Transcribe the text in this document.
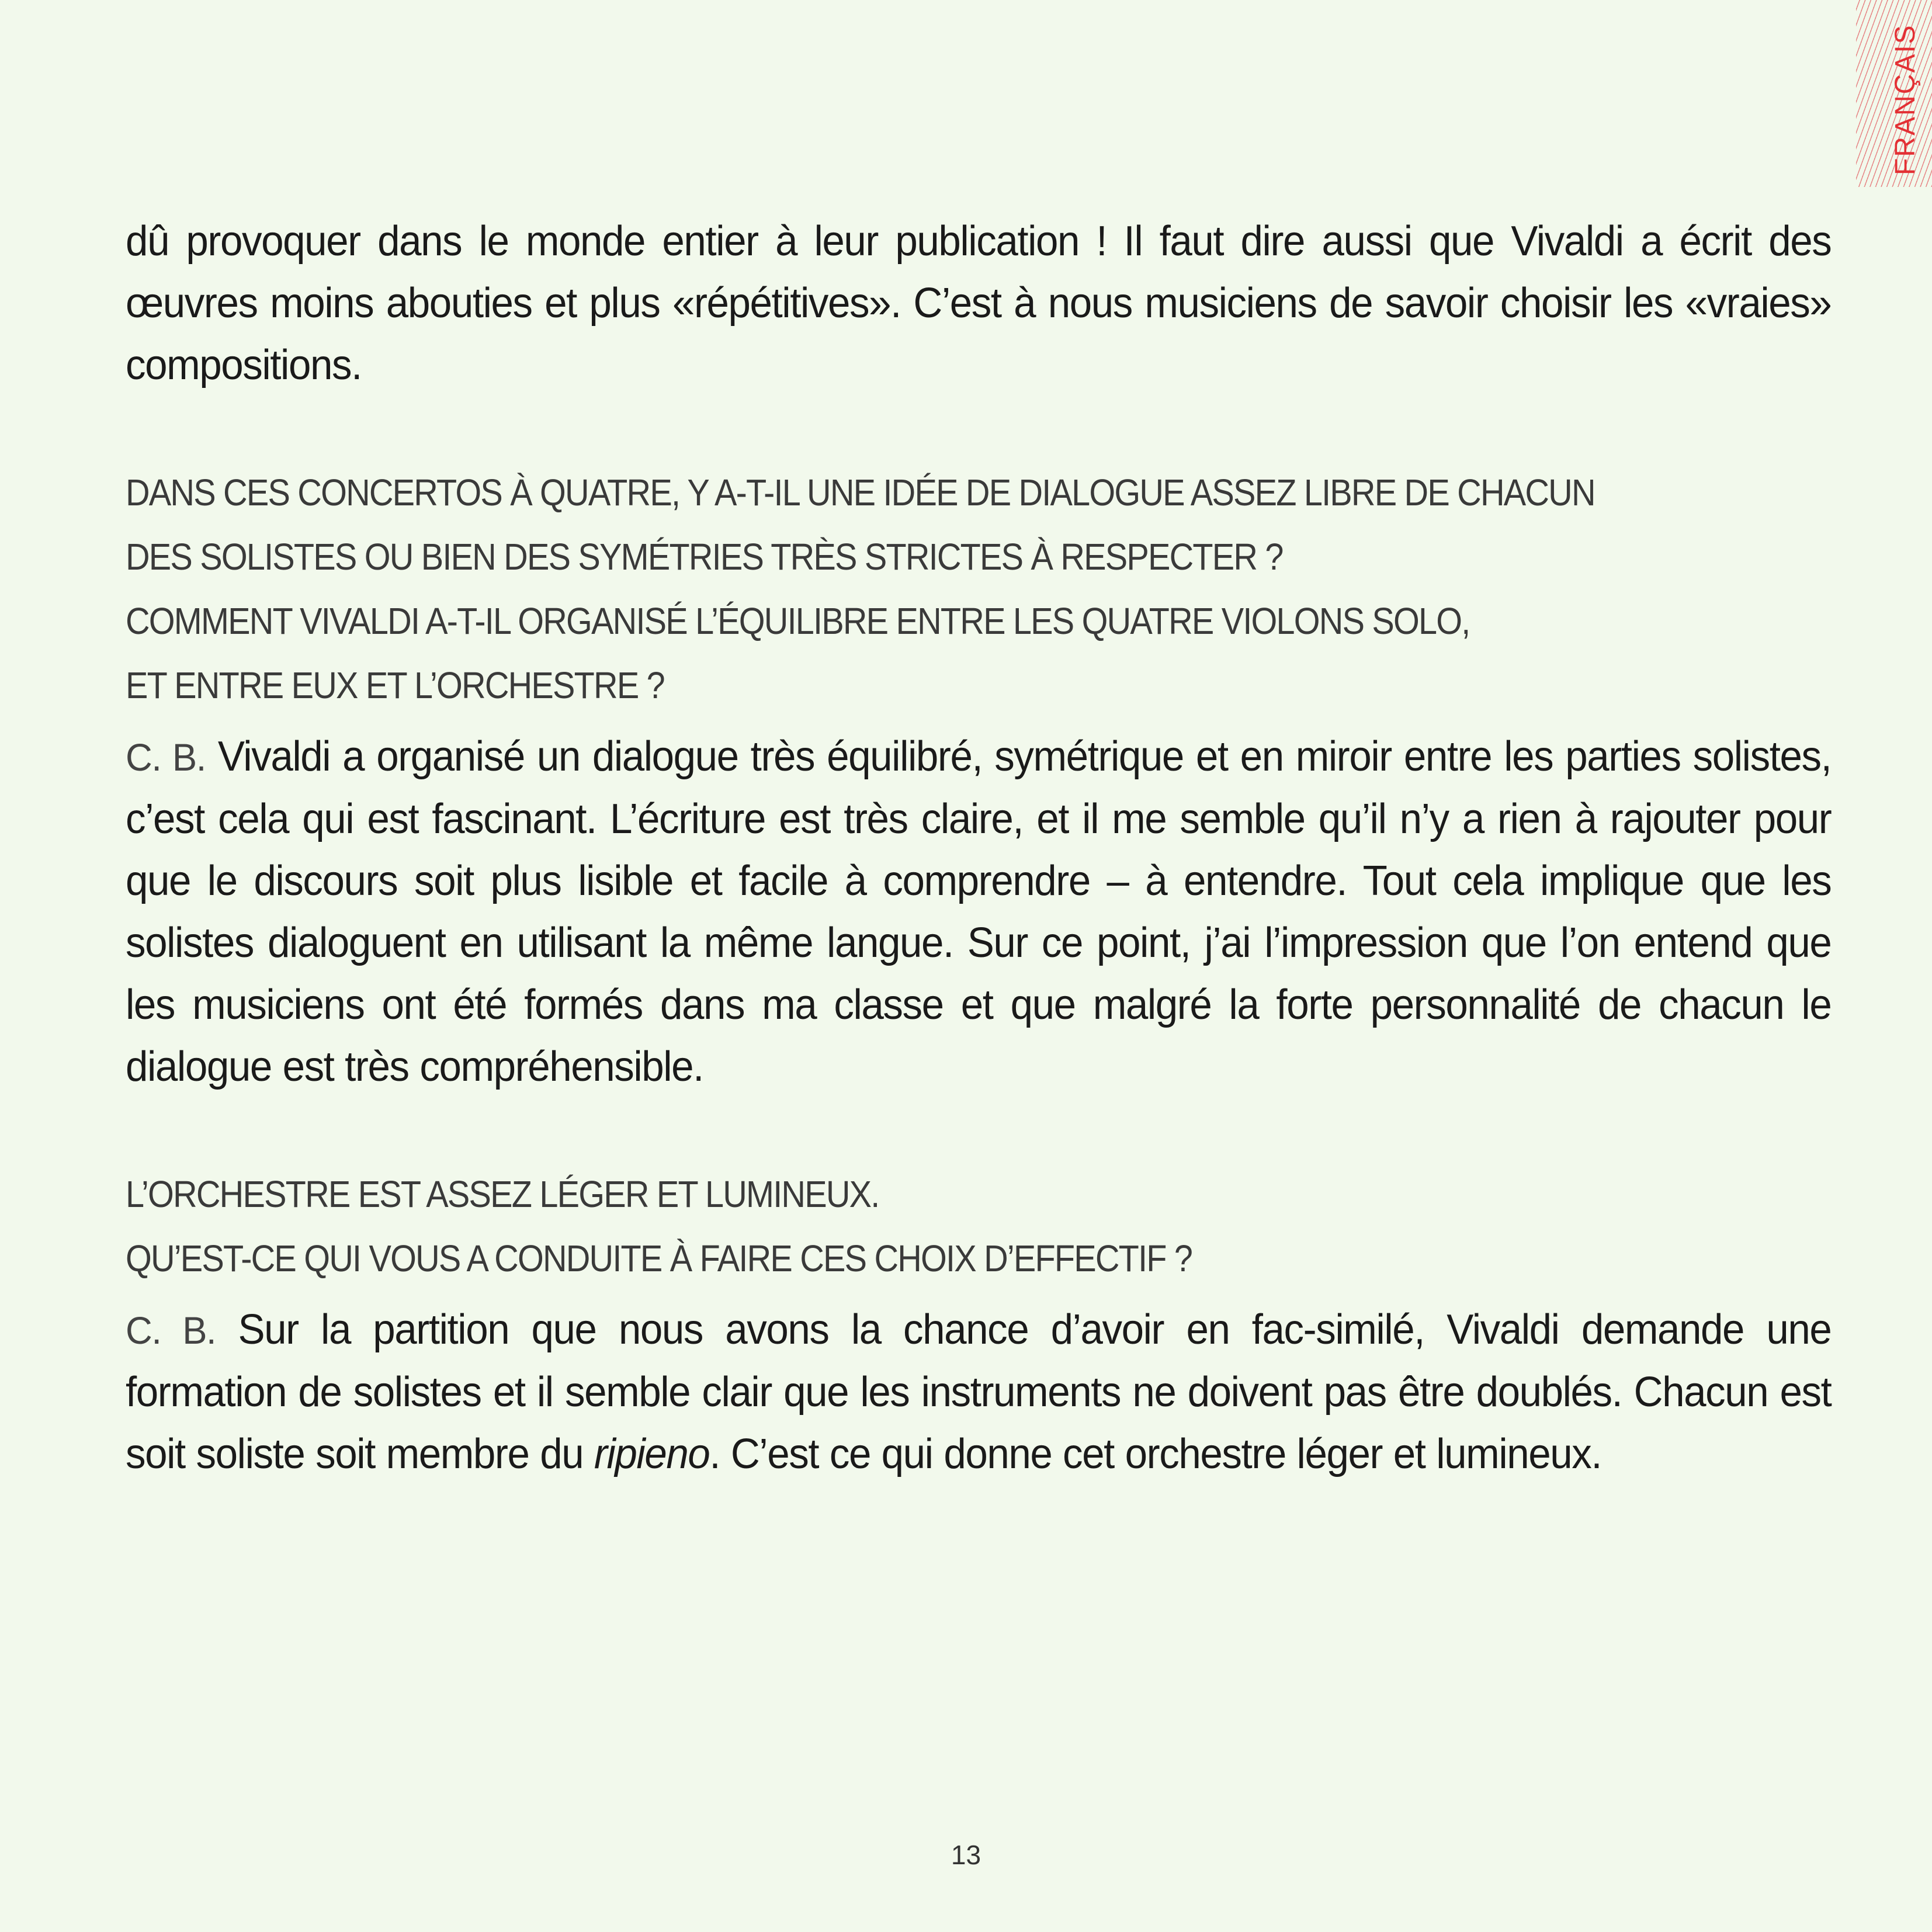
FRANÇAIS

dû provoquer dans le monde entier à leur publication ! Il faut dire aussi que Vivaldi a écrit des œuvres moins abouties et plus «répétitives». C’est à nous musiciens de savoir choisir les «vraies» compositions.

DANS CES CONCERTOS À QUATRE, Y A-T-IL UNE IDÉE DE DIALOGUE ASSEZ LIBRE DE CHACUN
DES SOLISTES OU BIEN DES SYMÉTRIES TRÈS STRICTES À RESPECTER ?
COMMENT VIVALDI A-T-IL ORGANISÉ L’ÉQUILIBRE ENTRE LES QUATRE VIOLONS SOLO,
ET ENTRE EUX ET L’ORCHESTRE ?

C. B. Vivaldi a organisé un dialogue très équilibré, symétrique et en miroir entre les parties solistes, c’est cela qui est fascinant. L’écriture est très claire, et il me semble qu’il n’y a rien à rajouter pour que le discours soit plus lisible et facile à comprendre – à entendre. Tout cela implique que les solistes dialoguent en utilisant la même langue. Sur ce point, j’ai l’impression que l’on entend que les musiciens ont été formés dans ma classe et que malgré la forte personnalité de chacun le dialogue est très compréhensible.

L’ORCHESTRE EST ASSEZ LÉGER ET LUMINEUX.
QU’EST-CE QUI VOUS A CONDUITE À FAIRE CES CHOIX D’EFFECTIF ?

C. B. Sur la partition que nous avons la chance d’avoir en fac-similé, Vivaldi demande une formation de solistes et il semble clair que les instruments ne doivent pas être doublés. Chacun est soit soliste soit membre du ripieno. C’est ce qui donne cet orchestre léger et lumineux.

13
